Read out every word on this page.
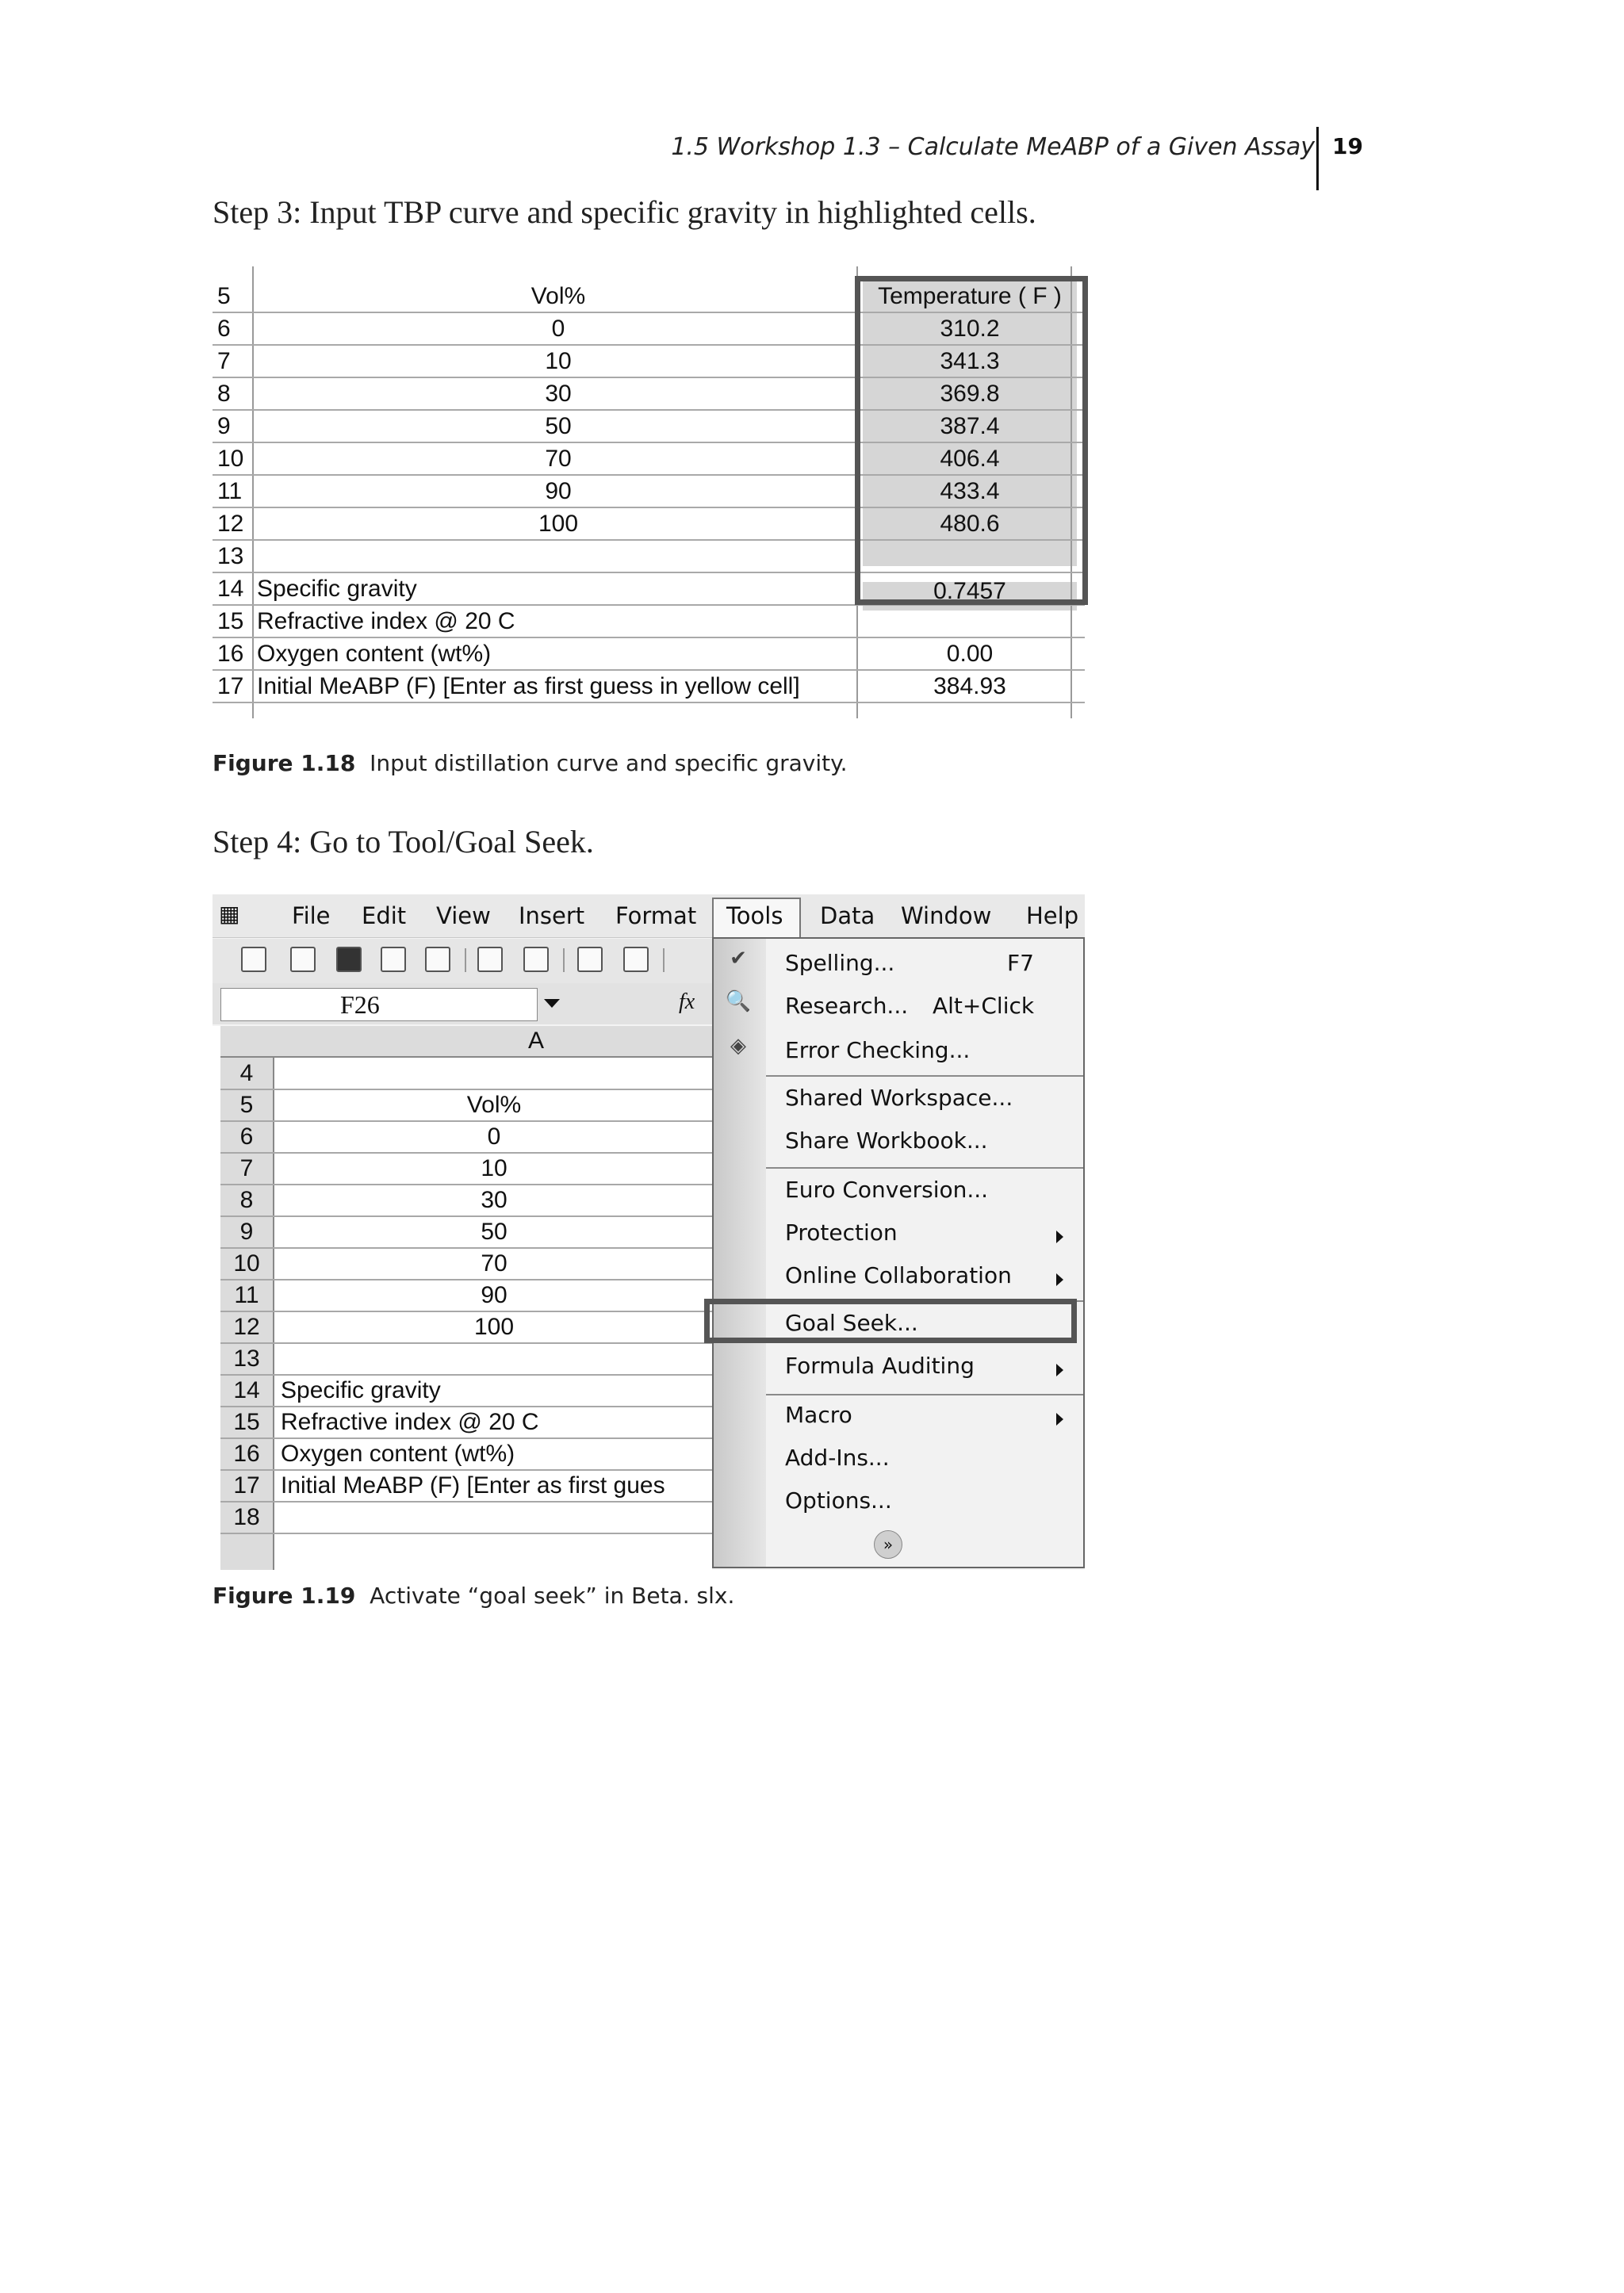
1.5 Workshop 1.3 – Calculate MeABP of a Given Assay 19
Step 3: Input TBP curve and specific gravity in highlighted cells.
5	Vol%	Temperature ( F )
6	0	310.2
7	10	341.3
8	30	369.8
9	50	387.4
10	70	406.4
11	90	433.4
12	100	480.6
13
14 Specific gravity	0.7457
15 Refractive index @ 20 C
16 Oxygen content (wt%)	0.00
17 Initial MeABP (F) [Enter as first guess in yellow cell]	384.93
Figure 1.18 Input distillation curve and specific gravity.
Step 4: Go to Tool/Goal Seek.
▦ File Edit View Insert Format Tools Data Window Help
F26	fx
A
4
5	Vol%
6	0
7	10
8	30
9	50
10	70
11	90
12	100
13
14 Specific gravity
15 Refractive index @ 20 C
16 Oxygen content (wt%)
17 Initial MeABP (F) [Enter as first gues
18
✔
🔍
◈
Spelling...	F7
Research... Alt+Click
Error Checking...
Shared Workspace...
Share Workbook...
Euro Conversion...
Protection
Online Collaboration
Goal Seek...
Formula Auditing
Macro
Add-Ins...
Options...
»
Figure 1.19 Activate “goal seek” in Beta. slx.
